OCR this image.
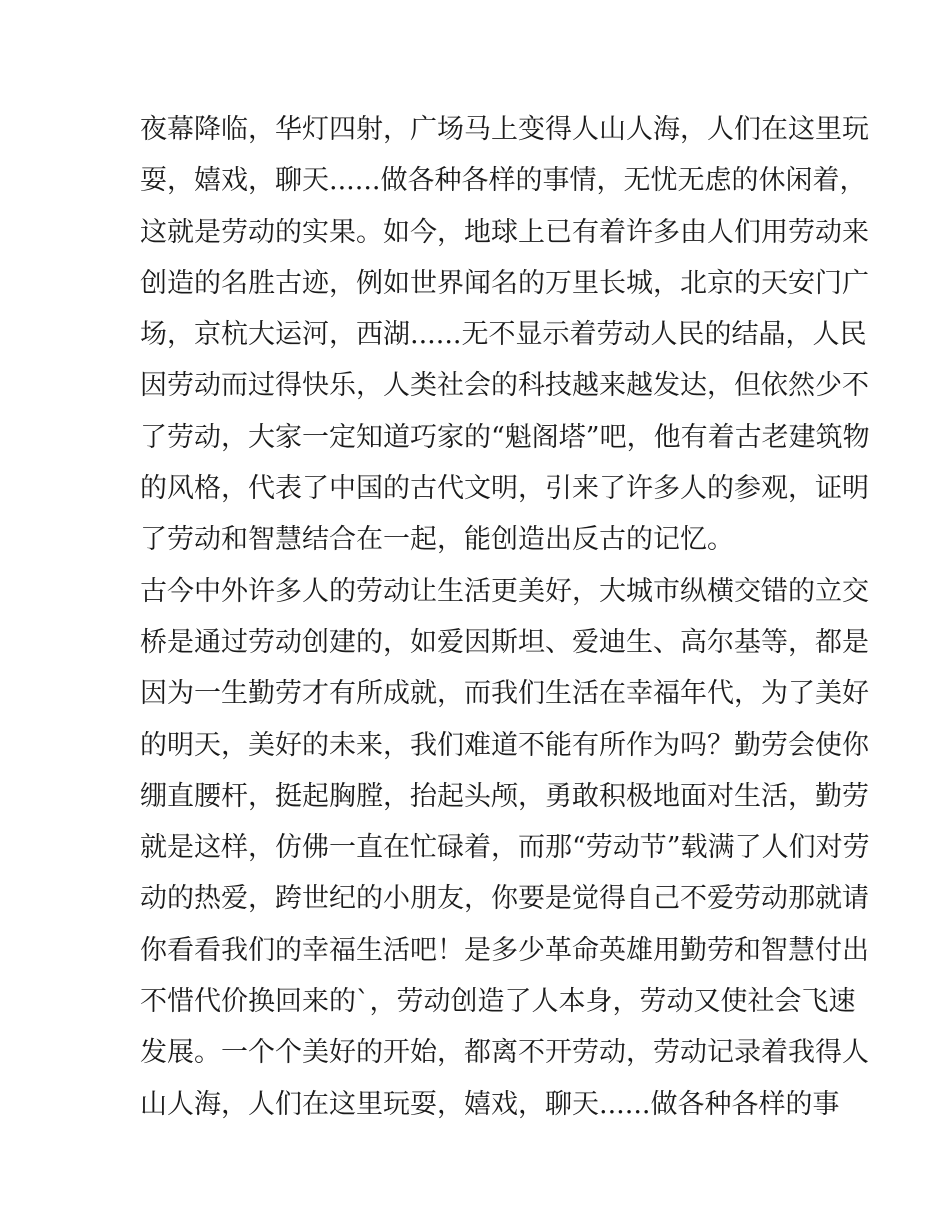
夜幕降临，华灯四射，广场马上变得人山人海，人们在这里玩
耍，嬉戏，聊天......做各种各样的事情，无忧无虑的休闲着，
这就是劳动的实果。如今，地球上已有着许多由人们用劳动来
创造的名胜古迹，例如世界闻名的万里长城，北京的天安门广
场，京杭大运河，西湖......无不显示着劳动人民的结晶，人民
因劳动而过得快乐，人类社会的科技越来越发达，但依然少不
了劳动，大家一定知道巧家的“魁阁塔”吧，他有着古老建筑物
的风格，代表了中国的古代文明，引来了许多人的参观，证明
了劳动和智慧结合在一起，能创造出反古的记忆。
古今中外许多人的劳动让生活更美好，大城市纵横交错的立交
桥是通过劳动创建的，如爱因斯坦、爱迪生、高尔基等，都是
因为一生勤劳才有所成就，而我们生活在幸福年代，为了美好
的明天，美好的未来，我们难道不能有所作为吗？勤劳会使你
绷直腰杆，挺起胸膛，抬起头颅，勇敢积极地面对生活，勤劳
就是这样，仿佛一直在忙碌着，而那“劳动节”载满了人们对劳
动的热爱，跨世纪的小朋友，你要是觉得自己不爱劳动那就请
你看看我们的幸福生活吧！是多少革命英雄用勤劳和智慧付出
不惜代价换回来的`，劳动创造了人本身，劳动又使社会飞速
发展。一个个美好的开始，都离不开劳动，劳动记录着我得人
山人海，人们在这里玩耍，嬉戏，聊天......做各种各样的事
